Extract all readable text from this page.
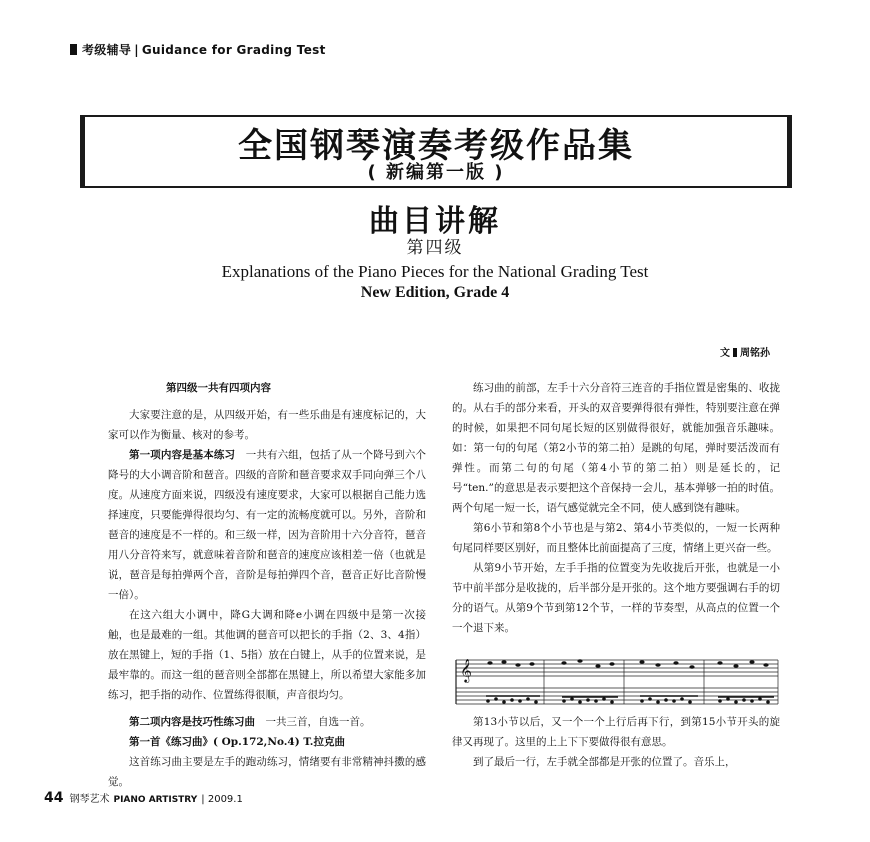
考级辅导 | Guidance for Grading Test
全国钢琴演奏考级作品集
( 新编第一版 )
曲目讲解
第四级
Explanations of the Piano Pieces for the National Grading Test
New Edition, Grade 4
文 周铭孙

第四级一共有四项内容

大家要注意的是，从四级开始，有一些乐曲是有速度标记的，大家可以作为衡量、核对的参考。

第一项内容是基本练习　 一共有六组，包括了从一个降号到六个降号的大小调音阶和琶音。四级的音阶和琶音要求双手同向弹三个八度。从速度方面来说，四级没有速度要求，大家可以根据自己能力选择速度，只要能弹得很均匀、有一定的流畅度就可以。另外，音阶和琶音的速度是不一样的。和三级一样，因为音阶用十六分音符，琶音用八分音符来写，就意味着音阶和琶音的速度应该相差一倍（也就是说，琶音是每拍弹两个音，音阶是每拍弹四个音，琶音正好比音阶慢一倍）。

在这六组大小调中，降G大调和降e小调在四级中是第一次接触，也是最难的一组。其他调的琶音可以把长的手指（2、3、4指）放在黑键上，短的手指（1、5指）放在白键上，从手的位置来说，是最牢靠的。而这一组的琶音则全部都在黑键上，所以希望大家能多加练习，把手指的动作、位置练得很顺，声音很均匀。

第二项内容是技巧性练习曲　 一共三首，自选一首。

第一首《练习曲》( Op.172,No.4) T.拉克曲

这首练习曲主要是左手的跑动练习，情绪要有非常精神抖擞的感觉。

练习曲的前部，左手十六分音符三连音的手指位置是密集的、收拢的。从右手的部分来看，开头的双音要弹得很有弹性，特别要注意在弹的时候，如果把不同句尾长短的区别做得很好，就能加强音乐趣味。如：第一句的句尾（第2小节的第二拍）是跳的句尾，弹时要活泼而有弹性。而第二句的句尾（第4小节的第二拍）则是延长的，记号“ten.”的意思是表示要把这个音保持一会儿，基本弹够一拍的时值。两个句尾一短一长，语气感觉就完全不同，使人感到饶有趣味。

第6小节和第8个小节也是与第2、第4小节类似的，一短一长两种句尾同样要区别好，而且整体比前面提高了三度，情绪上更兴奋一些。

从第9小节开始，左手手指的位置变为先收拢后开张，也就是一小节中前半部分是收拢的，后半部分是开张的。这个地方要强调右手的切分的语气。从第9个节到第12个节，一样的节奏型，从高点的位置一个一个退下来。

𝄞

第13小节以后，又一个一个上行后再下行，到第15小节开头的旋律又再现了。这里的上上下下要做得很有意思。

到了最后一行，左手就全部都是开张的位置了。音乐上，

44 钢琴艺术 PIANO ARTISTRY | 2009.1
